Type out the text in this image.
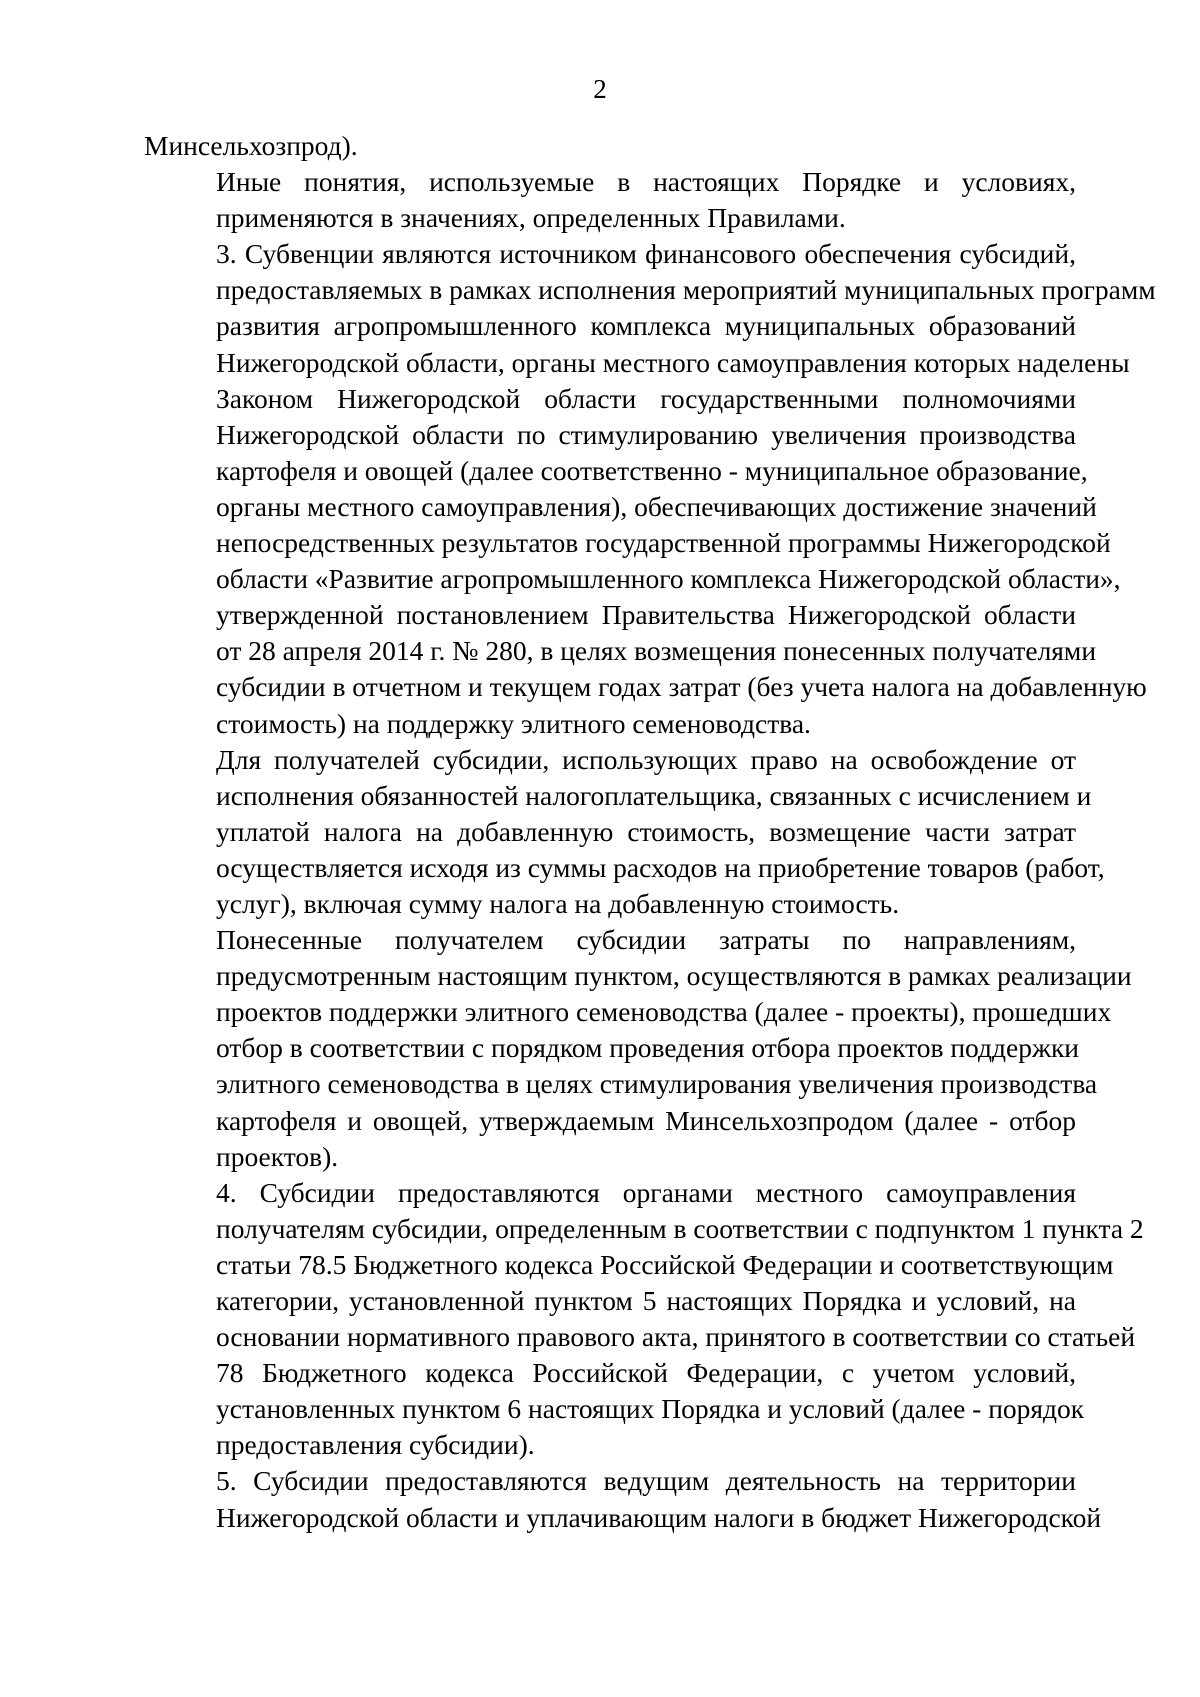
2
Минсельхозпрод).
Иные понятия, используемые в настоящих Порядке и условиях,
применяются в значениях, определенных Правилами.
3. Субвенции являются источником финансового обеспечения субсидий,
предоставляемых в рамках исполнения мероприятий муниципальных программ
развития агропромышленного комплекса муниципальных образований
Нижегородской области, органы местного самоуправления которых наделены
Законом Нижегородской области государственными полномочиями
Нижегородской области по стимулированию увеличения производства
картофеля и овощей (далее соответственно - муниципальное образование,
органы местного самоуправления), обеспечивающих достижение значений
непосредственных результатов государственной программы Нижегородской
области «Развитие агропромышленного комплекса Нижегородской области»,
утвержденной постановлением Правительства Нижегородской области
от 28 апреля 2014 г. № 280, в целях возмещения понесенных получателями
субсидии в отчетном и текущем годах затрат (без учета налога на добавленную
стоимость) на поддержку элитного семеноводства.
Для получателей субсидии, использующих право на освобождение от
исполнения обязанностей налогоплательщика, связанных с исчислением и
уплатой налога на добавленную стоимость, возмещение части затрат
осуществляется исходя из суммы расходов на приобретение товаров (работ,
услуг), включая сумму налога на добавленную стоимость.
Понесенные получателем субсидии затраты по направлениям,
предусмотренным настоящим пунктом, осуществляются в рамках реализации
проектов поддержки элитного семеноводства (далее - проекты), прошедших
отбор в соответствии с порядком проведения отбора проектов поддержки
элитного семеноводства в целях стимулирования увеличения производства
картофеля и овощей, утверждаемым Минсельхозпродом (далее - отбор
проектов).
4. Субсидии предоставляются органами местного самоуправления
получателям субсидии, определенным в соответствии с подпунктом 1 пункта 2
статьи 78.5 Бюджетного кодекса Российской Федерации и соответствующим
категории, установленной пунктом 5 настоящих Порядка и условий, на
основании нормативного правового акта, принятого в соответствии со статьей
78 Бюджетного кодекса Российской Федерации, с учетом условий,
установленных пунктом 6 настоящих Порядка и условий (далее - порядок
предоставления субсидии).
5. Субсидии предоставляются ведущим деятельность на территории
Нижегородской области и уплачивающим налоги в бюджет Нижегородской
